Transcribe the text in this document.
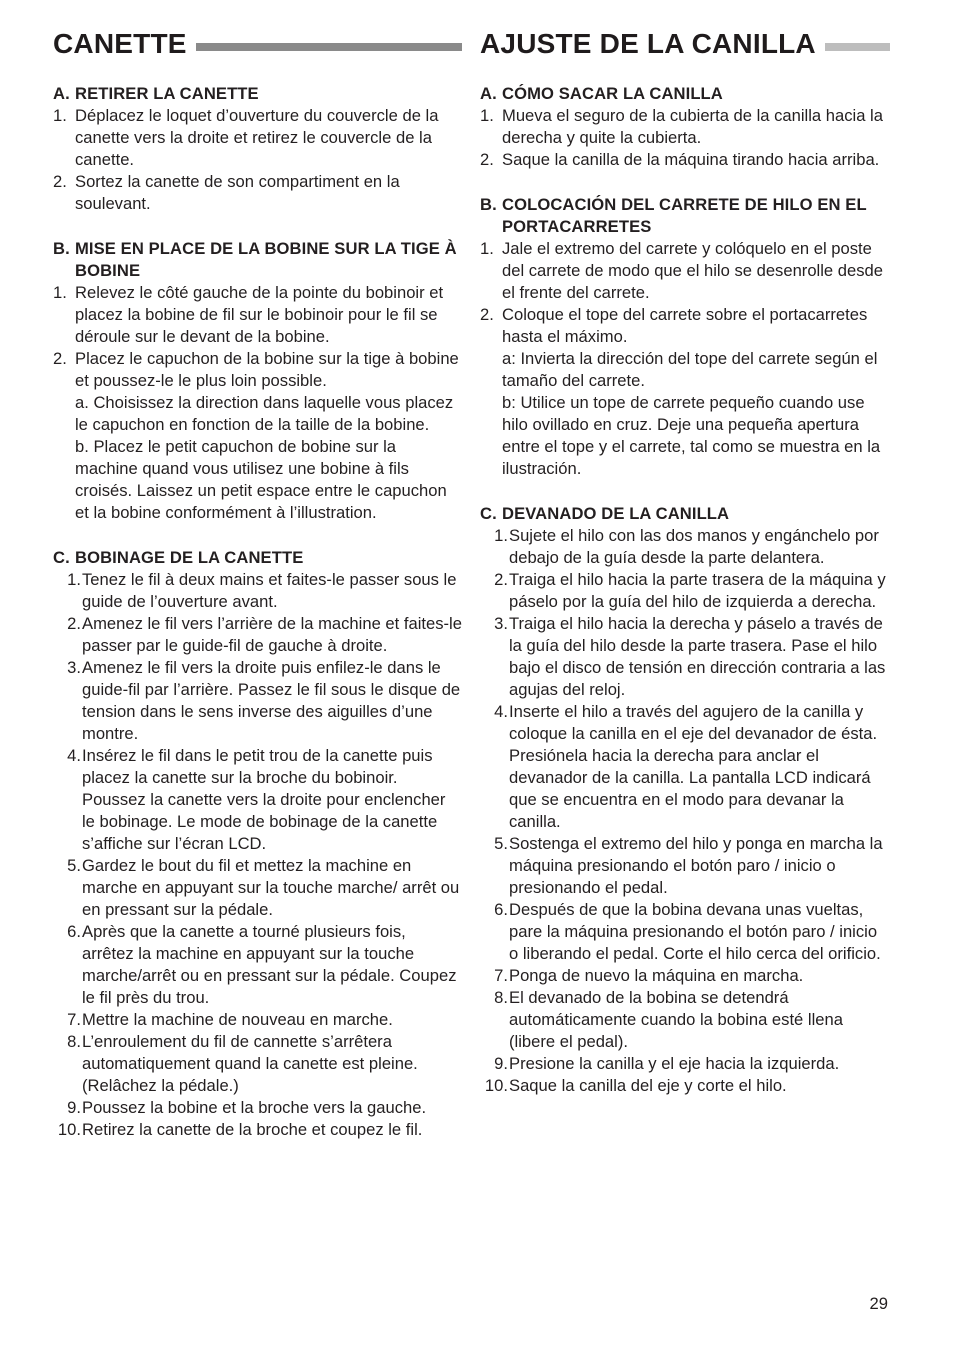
CANETTE
A. RETIRER LA CANETTE
1. Déplacez le loquet d’ouverture du couvercle de la canette vers la droite et retirez le couvercle de la canette.
2. Sortez la canette de son compartiment en la soulevant.
B. MISE EN PLACE DE LA BOBINE SUR LA TIGE À BOBINE
1. Relevez le côté gauche de la pointe du bobinoir et placez la bobine de fil sur le bobinoir pour le fil se déroule sur le devant de la bobine.
2. Placez le capuchon de la bobine sur la tige à bobine et poussez-le le plus loin possible.
a. Choisissez la direction dans laquelle vous placez le capuchon en fonction de la taille de la bobine.
b. Placez le petit capuchon de bobine sur la machine quand vous utilisez une bobine à fils croisés. Laissez un petit espace entre le capuchon et la bobine conformément à l’illustration.
C. BOBINAGE DE LA CANETTE
1. Tenez le fil à deux mains et faites-le passer sous le guide de l’ouverture avant.
2. Amenez le fil vers l’arrière de la machine et faites-le passer par le guide-fil de gauche à droite.
3. Amenez le fil vers la droite puis enfilez-le dans le guide-fil par l’arrière. Passez le fil sous le disque de tension dans le sens inverse des aiguilles d’une montre.
4. Insérez le fil dans le petit trou de la canette puis placez la canette sur la broche du bobinoir. Poussez la canette vers la droite pour enclencher le bobinage. Le mode de bobinage de la canette s’affiche sur l’écran LCD.
5. Gardez le bout du fil et mettez la machine en marche en appuyant sur la touche marche/ arrêt ou en pressant sur la pédale.
6. Après que la canette a tourné plusieurs fois, arrêtez la machine en appuyant sur la touche marche/arrêt ou en pressant sur la pédale. Coupez le fil près du trou.
7. Mettre la machine de nouveau en marche.
8. L’enroulement du fil de cannette s’arrêtera automatiquement quand la canette est pleine. (Relâchez la pédale.)
9. Poussez la bobine et la broche vers la gauche.
10. Retirez la canette de la broche et coupez le fil.
AJUSTE DE LA CANILLA
A. CÓMO SACAR LA CANILLA
1. Mueva el seguro de la cubierta de la canilla hacia la derecha y quite la cubierta.
2. Saque la canilla de la máquina tirando hacia arriba.
B. COLOCACIÓN DEL CARRETE DE HILO EN EL PORTACARRETES
1. Jale el extremo del carrete y colóquelo en el poste del carrete de modo que el hilo se desenrolle desde el frente del carrete.
2. Coloque el tope del carrete sobre el portacarretes hasta el máximo.
a: Invierta la dirección del tope del carrete según el tamaño del carrete.
b: Utilice un tope de carrete pequeño cuando use hilo ovillado en cruz. Deje una pequeña apertura entre el tope y el carrete, tal como se muestra en la ilustración.
C. DEVANADO DE LA CANILLA
1. Sujete el hilo con las dos manos y engánchelo por debajo de la guía desde la parte delantera.
2. Traiga el hilo hacia la parte trasera de la máquina y páselo por la guía del hilo de izquierda a derecha.
3. Traiga el hilo hacia la derecha y páselo a través de la guía del hilo desde la parte trasera. Pase el hilo bajo el disco de tensión en dirección contraria a las agujas del reloj.
4. Inserte el hilo a través del agujero de la canilla y coloque la canilla en el eje del devanador de ésta. Presiónela hacia la derecha para anclar el devanador de la canilla. La pantalla LCD indicará que se encuentra en el modo para devanar la canilla.
5. Sostenga el extremo del hilo y ponga en marcha la máquina presionando el botón paro / inicio o presionando el pedal.
6. Después de que la bobina devana unas vueltas, pare la máquina presionando el botón paro / inicio o liberando el pedal. Corte el hilo cerca del orificio.
7. Ponga de nuevo la máquina en marcha.
8. El devanado de la bobina se detendrá automáticamente cuando la bobina esté llena (libere el pedal).
9. Presione la canilla y el eje hacia la izquierda.
10. Saque la canilla del eje y corte el hilo.
29
